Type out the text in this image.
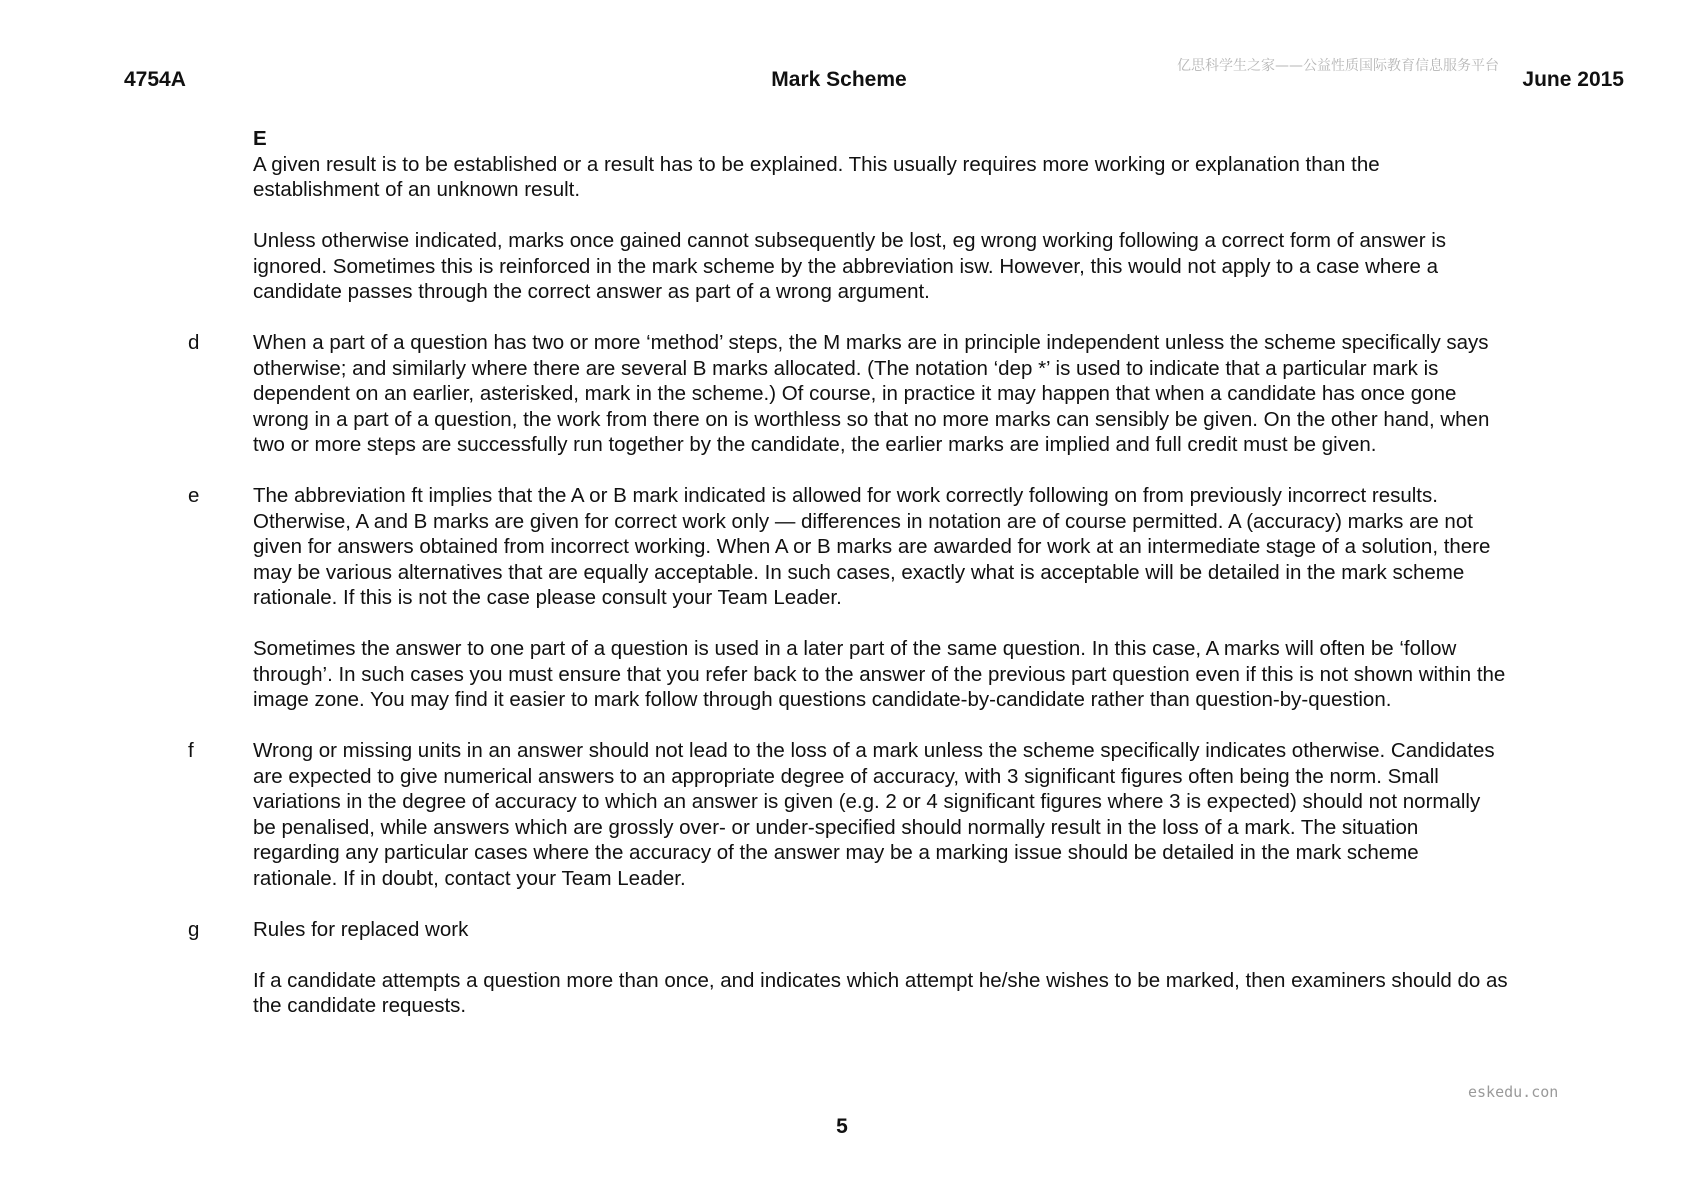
4754A	Mark Scheme	June 2015
亿思科学生之家——公益性质国际教育信息服务平台
E
A given result is to be established or a result has to be explained. This usually requires more working or explanation than the establishment of an unknown result.
Unless otherwise indicated, marks once gained cannot subsequently be lost, eg wrong working following a correct form of answer is ignored. Sometimes this is reinforced in the mark scheme by the abbreviation isw. However, this would not apply to a case where a candidate passes through the correct answer as part of a wrong argument.
d	When a part of a question has two or more ‘method’ steps, the M marks are in principle independent unless the scheme specifically says otherwise; and similarly where there are several B marks allocated. (The notation ‘dep *’ is used to indicate that a particular mark is dependent on an earlier, asterisked, mark in the scheme.) Of course, in practice it may happen that when a candidate has once gone wrong in a part of a question, the work from there on is worthless so that no more marks can sensibly be given. On the other hand, when two or more steps are successfully run together by the candidate, the earlier marks are implied and full credit must be given.
e	The abbreviation ft implies that the A or B mark indicated is allowed for work correctly following on from previously incorrect results. Otherwise, A and B marks are given for correct work only — differences in notation are of course permitted. A (accuracy) marks are not given for answers obtained from incorrect working. When A or B marks are awarded for work at an intermediate stage of a solution, there may be various alternatives that are equally acceptable. In such cases, exactly what is acceptable will be detailed in the mark scheme rationale. If this is not the case please consult your Team Leader.
Sometimes the answer to one part of a question is used in a later part of the same question. In this case, A marks will often be ‘follow through’. In such cases you must ensure that you refer back to the answer of the previous part question even if this is not shown within the image zone. You may find it easier to mark follow through questions candidate-by-candidate rather than question-by-question.
f	Wrong or missing units in an answer should not lead to the loss of a mark unless the scheme specifically indicates otherwise. Candidates are expected to give numerical answers to an appropriate degree of accuracy, with 3 significant figures often being the norm. Small variations in the degree of accuracy to which an answer is given (e.g. 2 or 4 significant figures where 3 is expected) should not normally be penalised, while answers which are grossly over- or under-specified should normally result in the loss of a mark. The situation regarding any particular cases where the accuracy of the answer may be a marking issue should be detailed in the mark scheme rationale. If in doubt, contact your Team Leader.
g	Rules for replaced work
If a candidate attempts a question more than once, and indicates which attempt he/she wishes to be marked, then examiners should do as the candidate requests.
eskedu.con
5
